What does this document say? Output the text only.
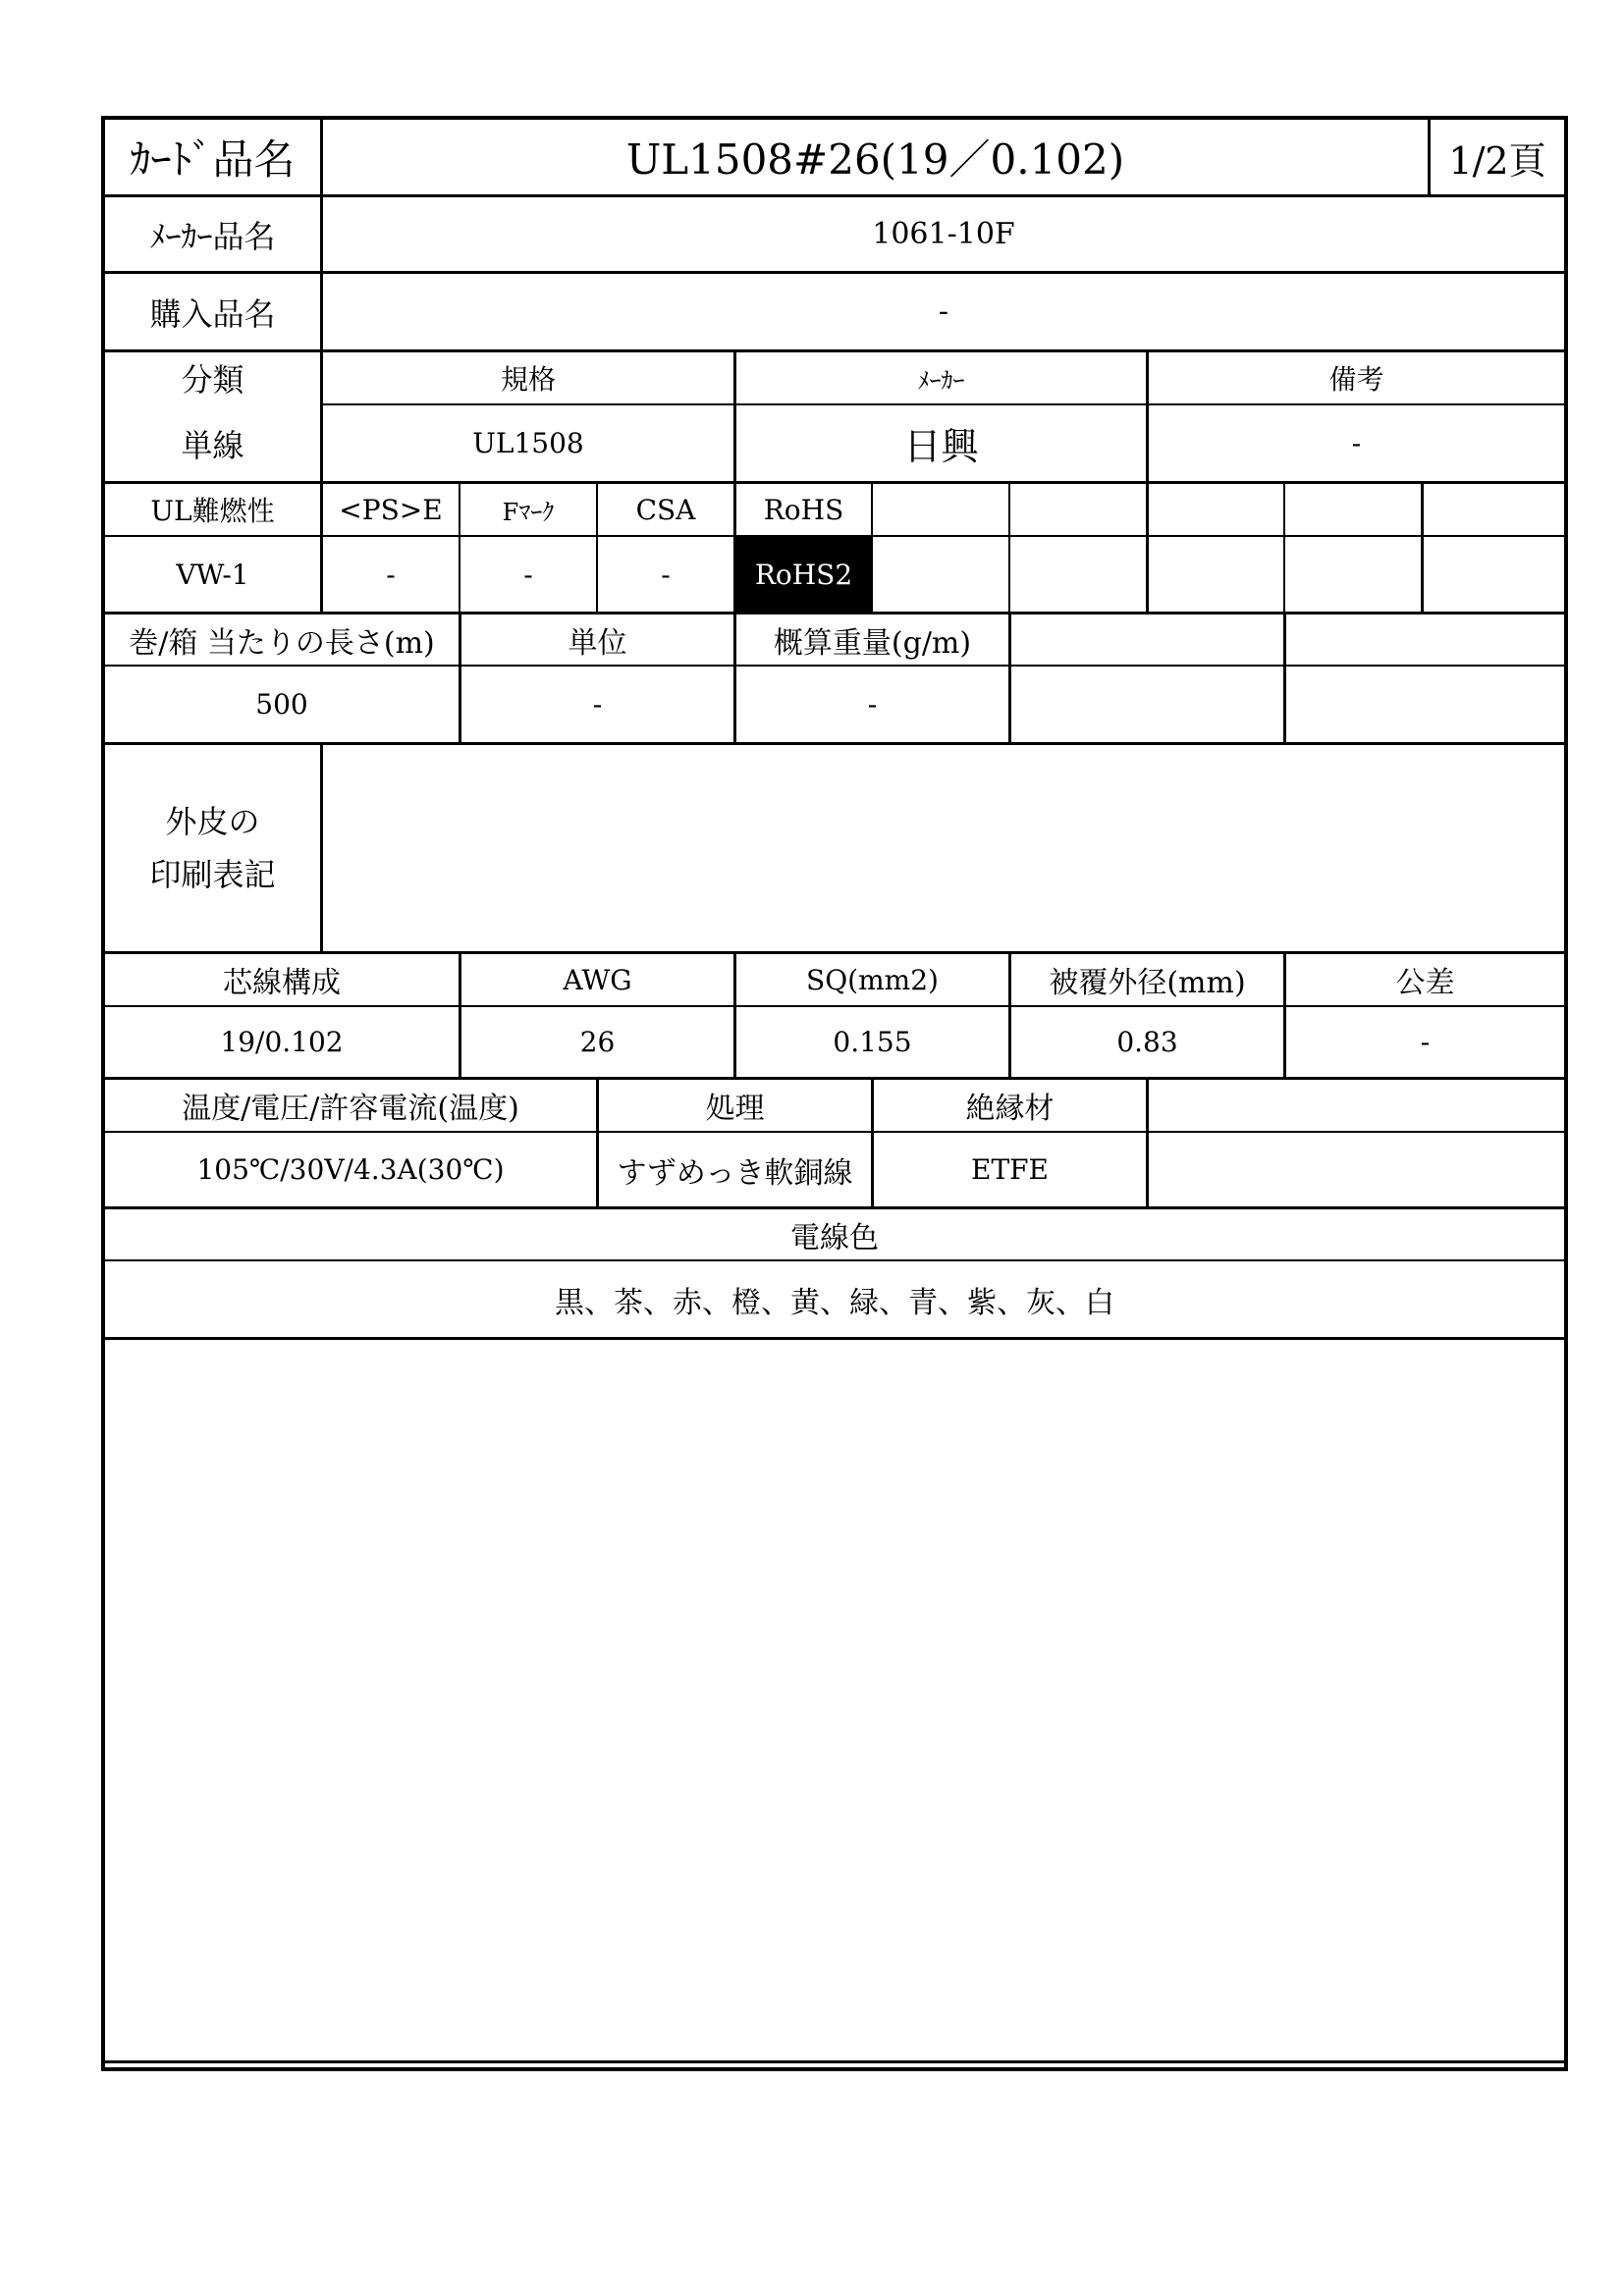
ｶｰﾄﾞ品名	UL1508#26(19／0.102)	1/2頁
ﾒｰｶｰ品名	1061-10F
購入品名	-
分類	規格	ﾒｰｶｰ	備考
単線	UL1508	日興	-
UL難燃性	<PS>E	Fﾏｰｸ	CSA	RoHS
VW-1	-	-	-	RoHS2
巻/箱 当たりの長さ(m)	単位	概算重量(g/m)
500	-	-
外皮の
印刷表記
芯線構成	AWG	SQ(mm2)	被覆外径(mm)	公差
19/0.102	26	0.155	0.83	-
温度/電圧/許容電流(温度)	処理	絶縁材
105℃/30V/4.3A(30℃)	すずめっき軟銅線	ETFE
電線色
黒、茶、赤、橙、黄、緑、青、紫、灰、白
